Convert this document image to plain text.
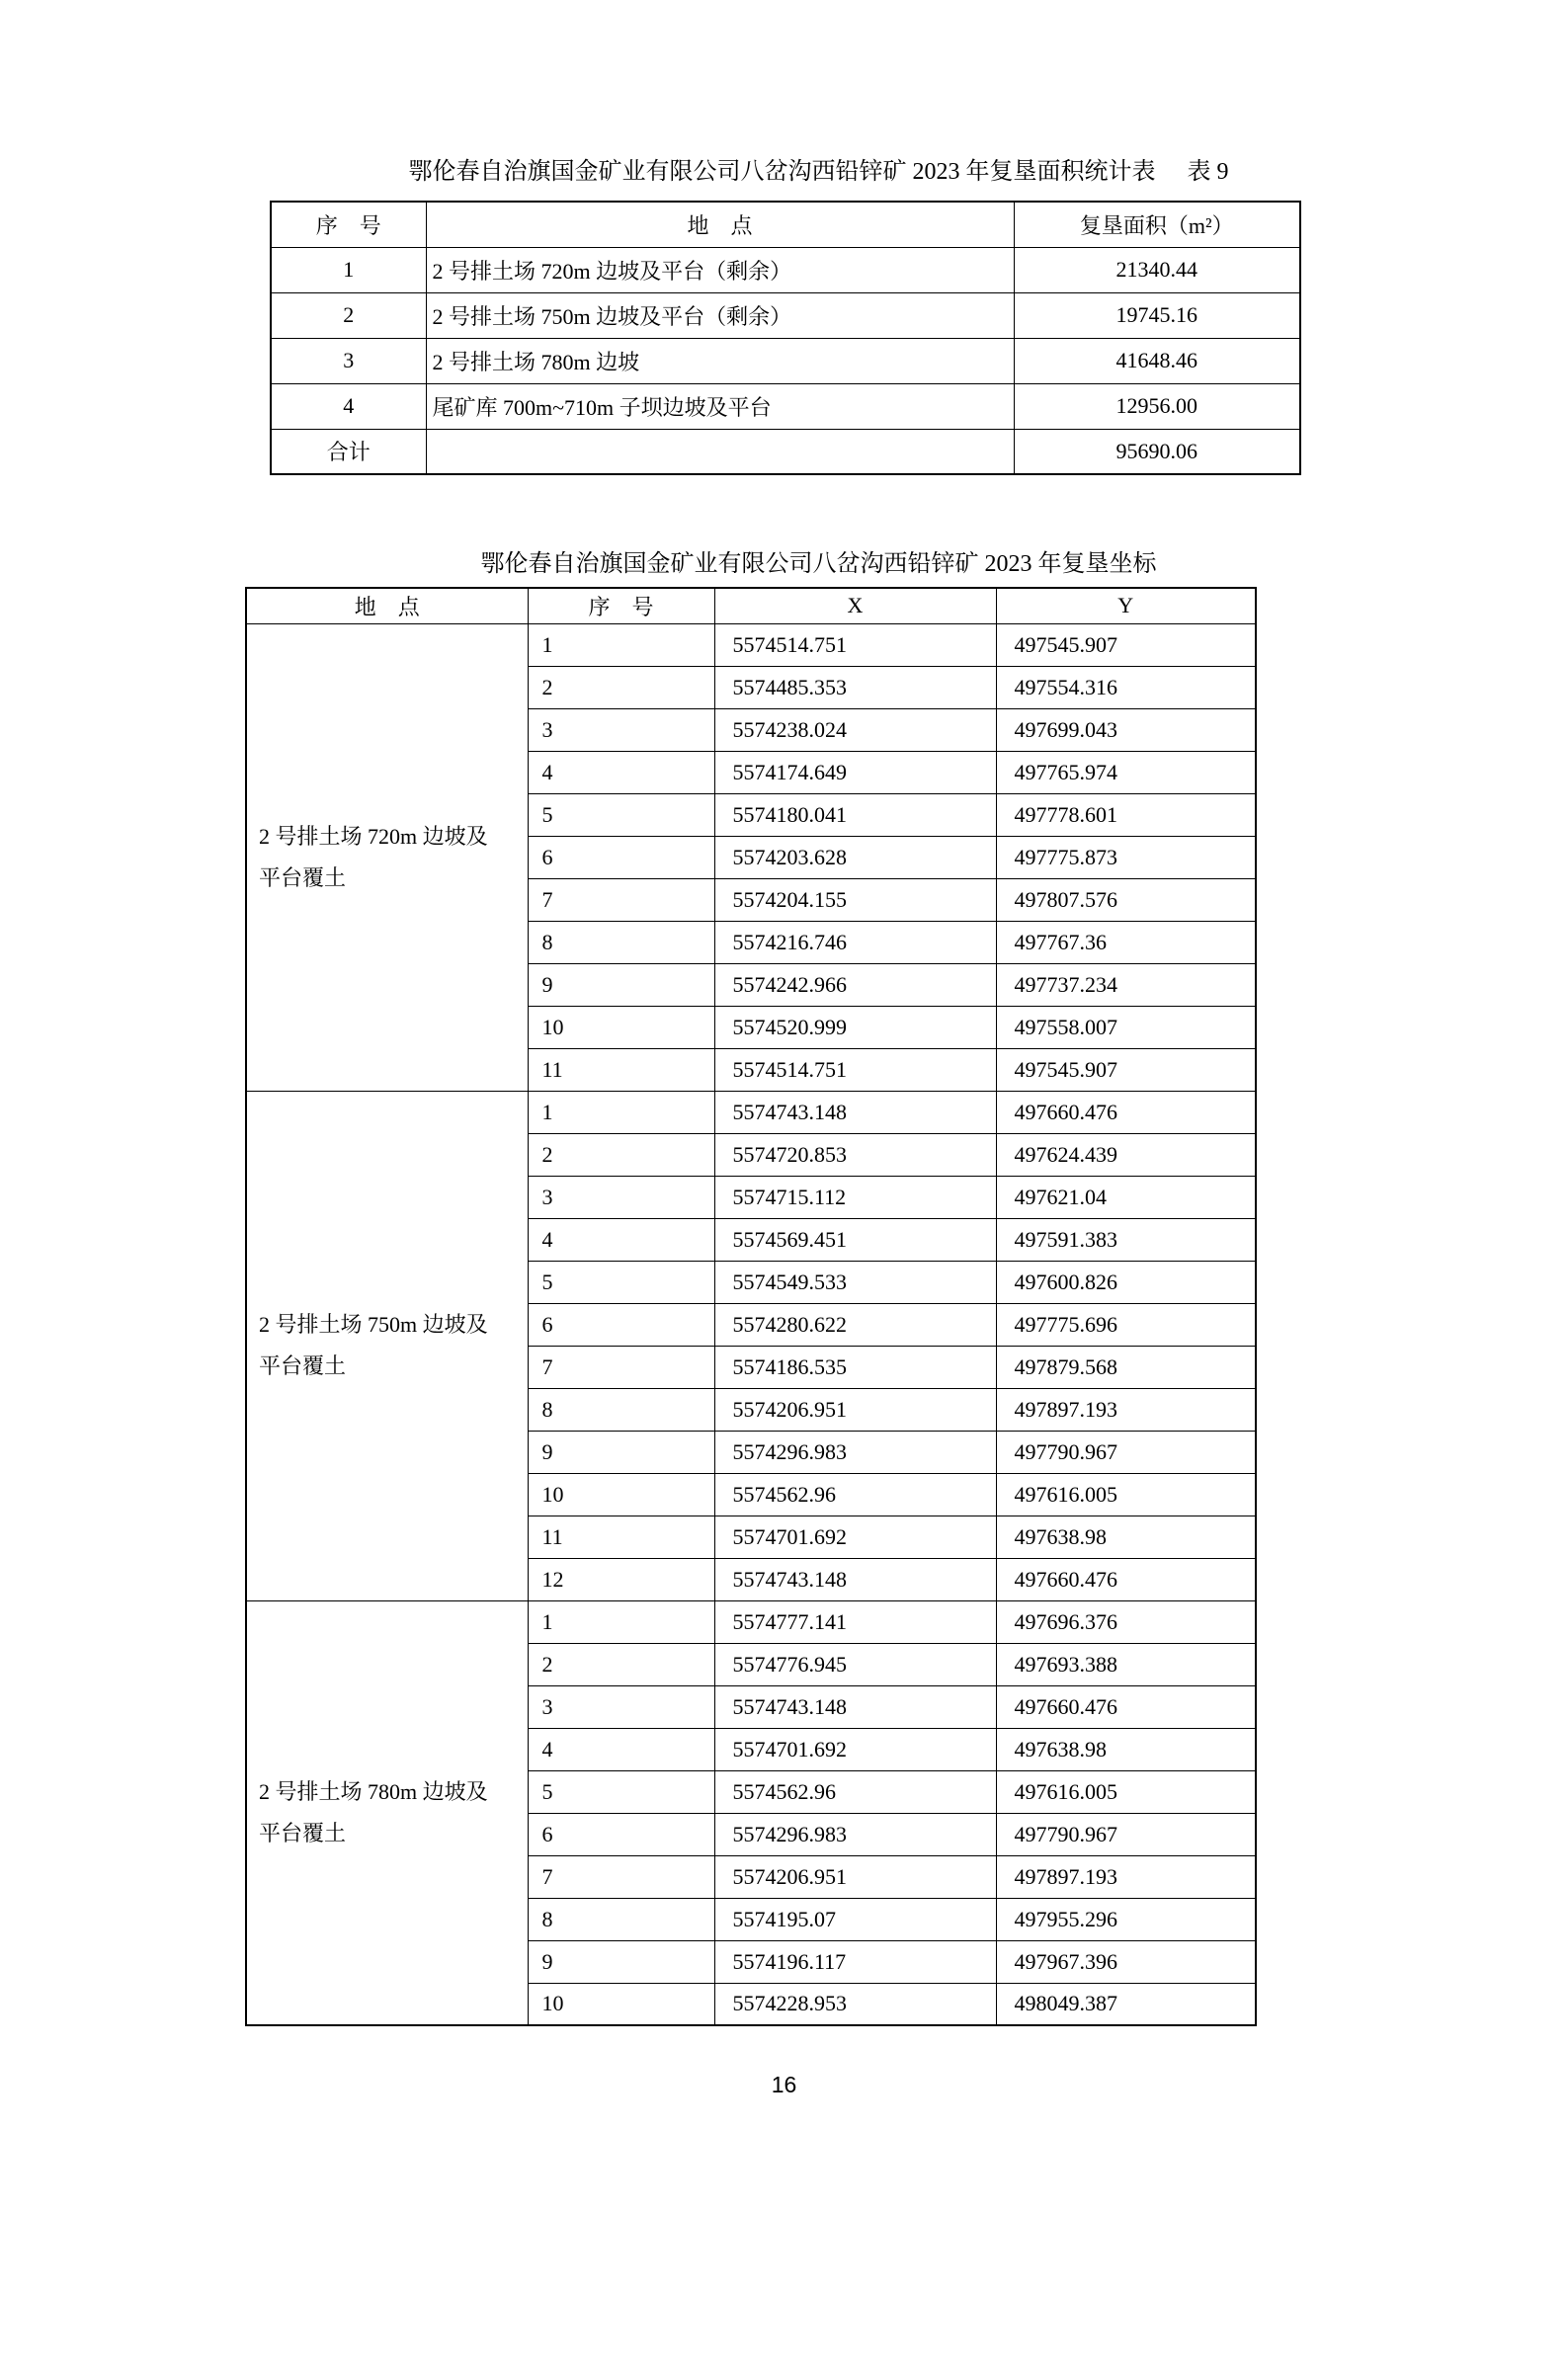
鄂伦春自治旗国金矿业有限公司八岔沟西铅锌矿 2023 年复垦面积统计表 表 9
序　号	地　点	复垦面积（m²）
1	2 号排土场 720m 边坡及平台（剩余）	21340.44
2	2 号排土场 750m 边坡及平台（剩余）	19745.16
3	2 号排土场 780m 边坡	41648.46
4	尾矿库 700m~710m 子坝边坡及平台	12956.00
合计		95690.06
鄂伦春自治旗国金矿业有限公司八岔沟西铅锌矿 2023 年复垦坐标
地　点	序　号	X	Y

2 号排土场 720m 边坡及
平台覆土	1	5574514.751	497545.907
	2	5574485.353	497554.316
	3	5574238.024	497699.043
	4	5574174.649	497765.974
	5	5574180.041	497778.601
	6	5574203.628	497775.873
	7	5574204.155	497807.576
	8	5574216.746	497767.36
	9	5574242.966	497737.234
	10	5574520.999	497558.007
	11	5574514.751	497545.907

2 号排土场 750m 边坡及
平台覆土	1	5574743.148	497660.476
	2	5574720.853	497624.439
	3	5574715.112	497621.04
	4	5574569.451	497591.383
	5	5574549.533	497600.826
	6	5574280.622	497775.696
	7	5574186.535	497879.568
	8	5574206.951	497897.193
	9	5574296.983	497790.967
	10	5574562.96	497616.005
	11	5574701.692	497638.98
	12	5574743.148	497660.476

2 号排土场 780m 边坡及
平台覆土	1	5574777.141	497696.376
	2	5574776.945	497693.388
	3	5574743.148	497660.476
	4	5574701.692	497638.98
	5	5574562.96	497616.005
	6	5574296.983	497790.967
	7	5574206.951	497897.193
	8	5574195.07	497955.296
	9	5574196.117	497967.396
	10	5574228.953	498049.387
16
